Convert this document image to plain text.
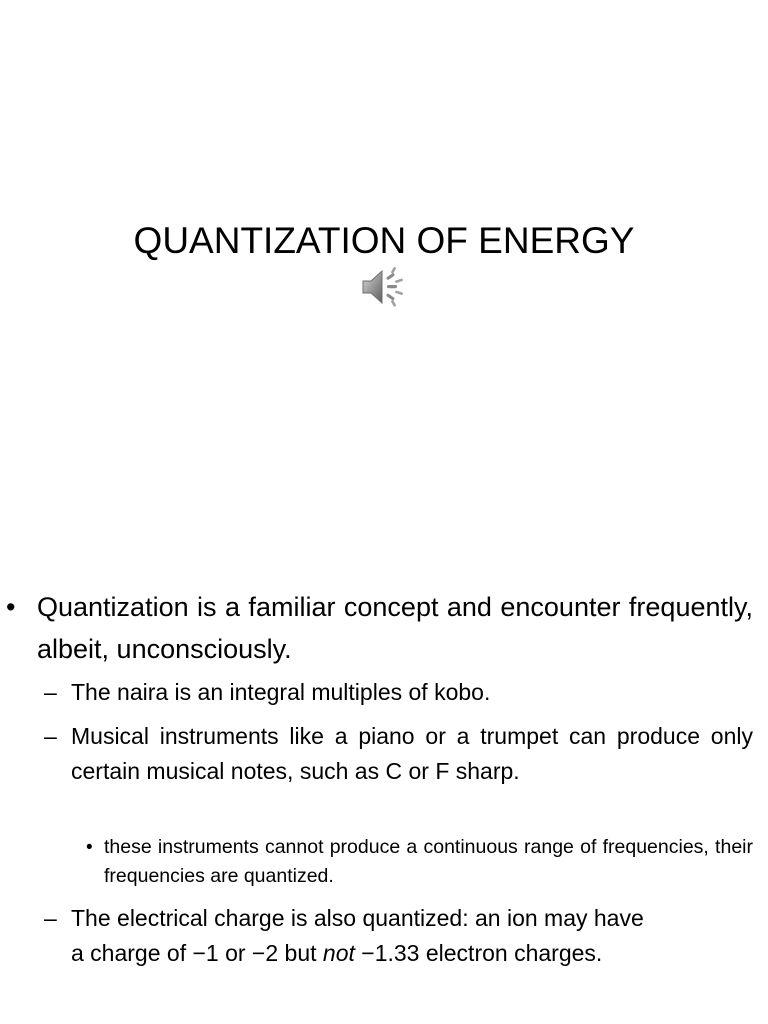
QUANTIZATION OF ENERGY
• Quantization is a familiar concept and encounter frequently, albeit, unconsciously.

– The naira is an integral multiples of kobo.

– Musical instruments like a piano or a trumpet can produce only certain musical notes, such as C or F sharp.

• these instruments cannot produce a continuous range of frequencies, their frequencies are quantized.

– The electrical charge is also quantized: an ion may have
a charge of −1 or −2 but not −1.33 electron charges.
